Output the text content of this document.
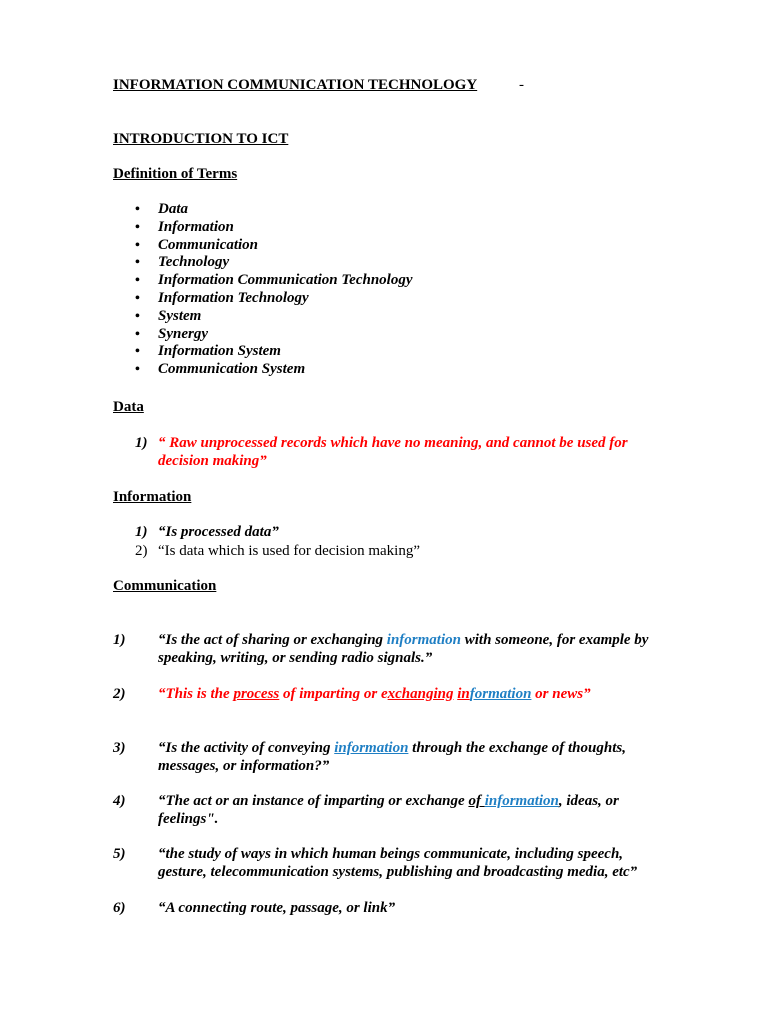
INFORMATION COMMUNICATION TECHNOLOGY	-
INTRODUCTION TO ICT
Definition of Terms
• Data
• Information
• Communication
• Technology
• Information Communication Technology
• Information Technology
• System
• Synergy
• Information System
• Communication System
Data
1) “ Raw unprocessed records which have no meaning, and cannot be used for
decision making”
Information
1) “Is processed data”
2) “Is data which is used for decision making”
Communication
1) “Is the act of sharing or exchanging information with someone, for example by
speaking, writing, or sending radio signals.”
2) “This is the process of imparting or exchanging information or news”
3) “Is the activity of conveying information through the exchange of thoughts,
messages, or information?”
4) “The act or an instance of imparting or exchange of information, ideas, or
feelings".
5) “the study of ways in which human beings communicate, including speech,
gesture, telecommunication systems, publishing and broadcasting media, etc”
6) “A connecting route, passage, or link”
